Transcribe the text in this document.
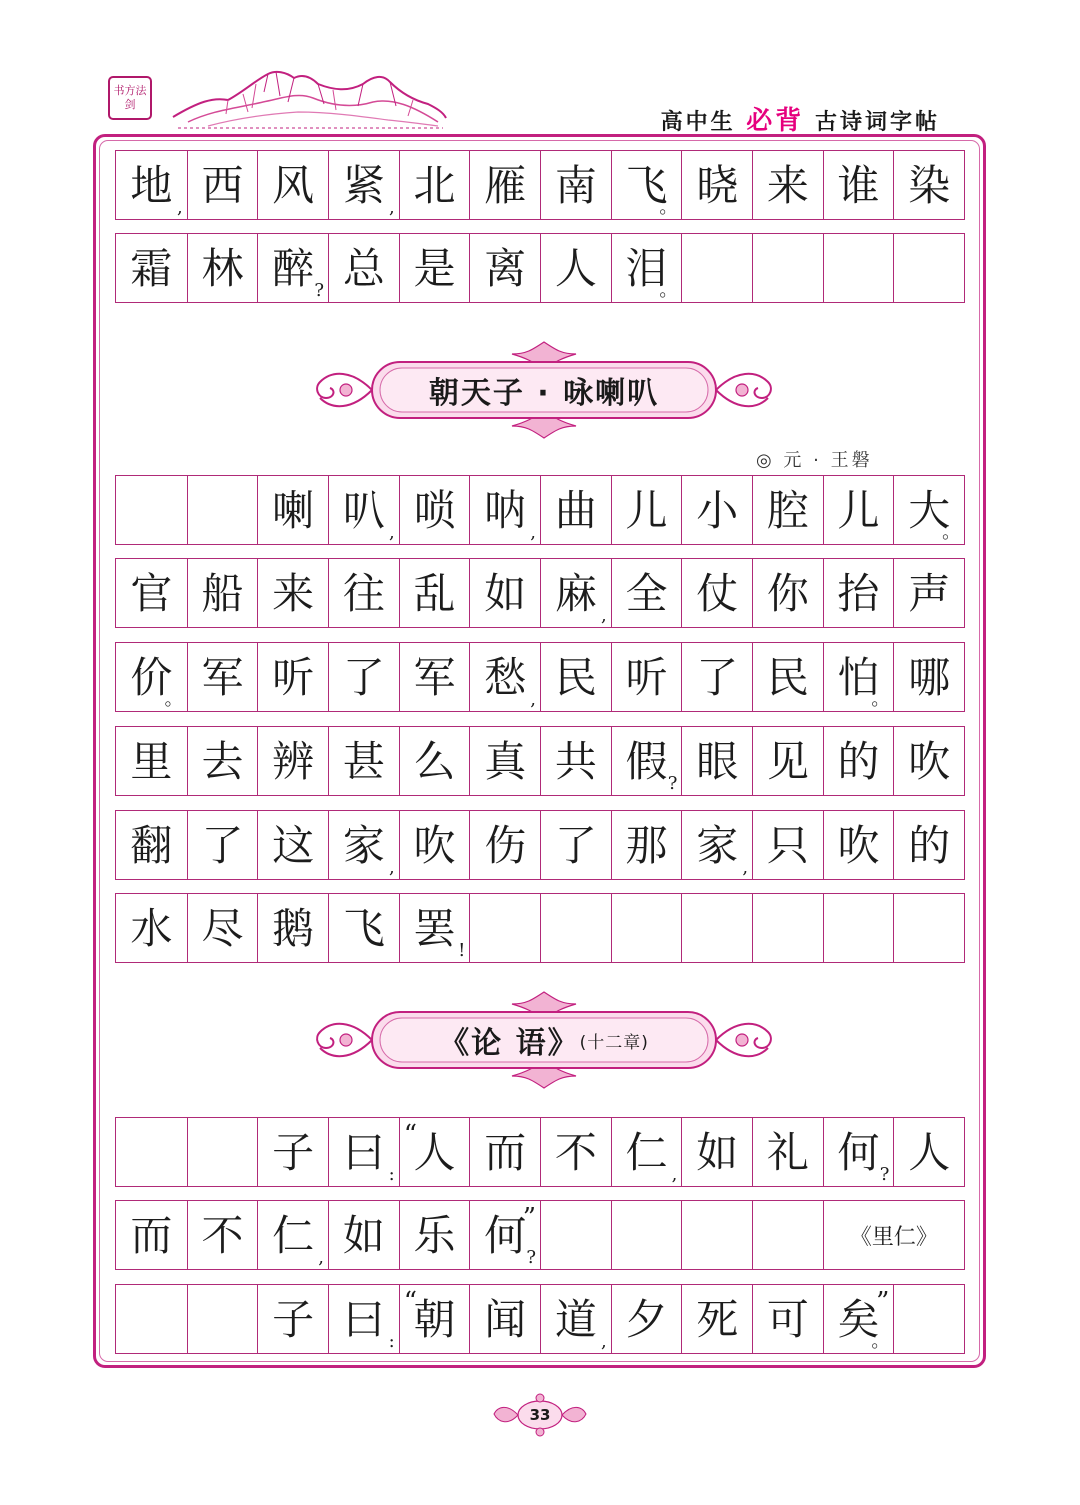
书方法剑
高中生 必背 古诗词字帖
地 , 西 风 紧 , 北 雁 南 飞
。 晓 来 谁 染
霜 林 醉 ? 总 是 离 人 泪
。
朝天子 · 咏喇叭
◎ 元 · 王磐
喇 叭 , 唢 呐 , 曲 儿 小 腔 儿 大
。
官 船 来 往 乱 如 麻 , 全 仗 你 抬 声
价
。 军 听 了 军 愁 , 民 听 了 民 怕
。 哪
里 去 辨 甚 么 真 共 假 ? 眼 见 的 吹
翻 了 这 家 , 吹 伤 了 那 家 , 只 吹 的
水 尽 鹅 飞 罢 !
《论 语》 (十二章)
子 曰 : 人
“ 而 不 仁 , 如 礼 何 ? 人
而 不 仁 , 如 乐 何 ?
”
《里仁》
子 曰 : 朝
“ 闻 道 , 夕 死 可 矣
。
”
33
